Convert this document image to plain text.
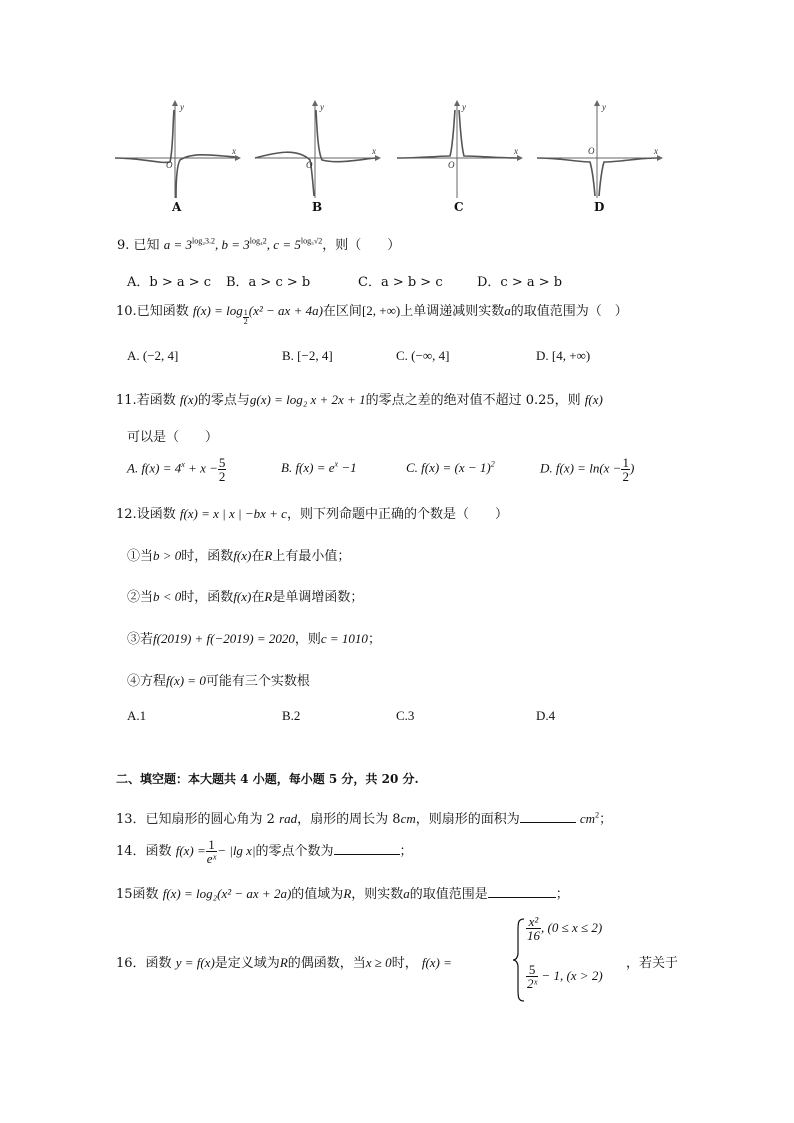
O
y
x
A
O
y
x
B
O
y
x
C
O
y
x
D
9. 已知 $a = 3^{log_23.2}$, $b = 3^{log_42}$, $c = 5^{log_5√2}$，则（　　）
A．b > a > c B．a > c > b	C．a > b > c	D．c > a > b
10.已知函数 $f(x) = \log \frac{1}{2} (x^2$ − ax + 4a)在区间[2, +∞)上单调递减则实数a的取值范围为（　）
A. (−2, 4]	B. [−2, 4]	C. (−∞, 4]	D. [4, +∞)
11.若函数 f(x)的零点与g(x) = log₂ x + 2x + 1的零点之差的绝对值不超过 0.25，则 f(x)
可以是（　　）
A. $f(x) = 4^x + x - \frac{5}{2}$	B. $f(x) = e^x -1$	C. $f(x) = (x - 1)^2$	D. $f(x) = \ln(x - \frac{1}{2}$ )
12.设函数 f(x) = x | x | −bx + c，则下列命题中正确的个数是（　　）
①当b > 0时，函数f(x)在R上有最小值；
②当b < 0时，函数f(x)在R是单调增函数；
③若f(2019) + f(−2019) = 2020，则c = 1010；
④方程f(x) = 0可能有三个实数根
A.1	B.2	C.3	D.4
二、填空题：本大题共 4 小题，每小题 5 分，共 20 分.
13．已知扇形的圆心角为 2 rad，扇形的周长为 8cm，则扇形的面积为	$cm^2$；
14．函数 $f(x) = \frac{1}{\text{eˣ}} - |\lg$ x|的零点个数为	；
15函数 f(x) = log₂(x² − ax + 2a)的值域为R，则实数a的取值范围是	；
16．函数 y = f(x)是定义域为R的偶函数，当x ≥ 0时， f(x) =
$\frac{\text{x²}}{16}$ , (0 ≤ x ≤ 2)
$\frac{5}{\text{2ˣ}} - 1$, (x > 2)
，若关于
